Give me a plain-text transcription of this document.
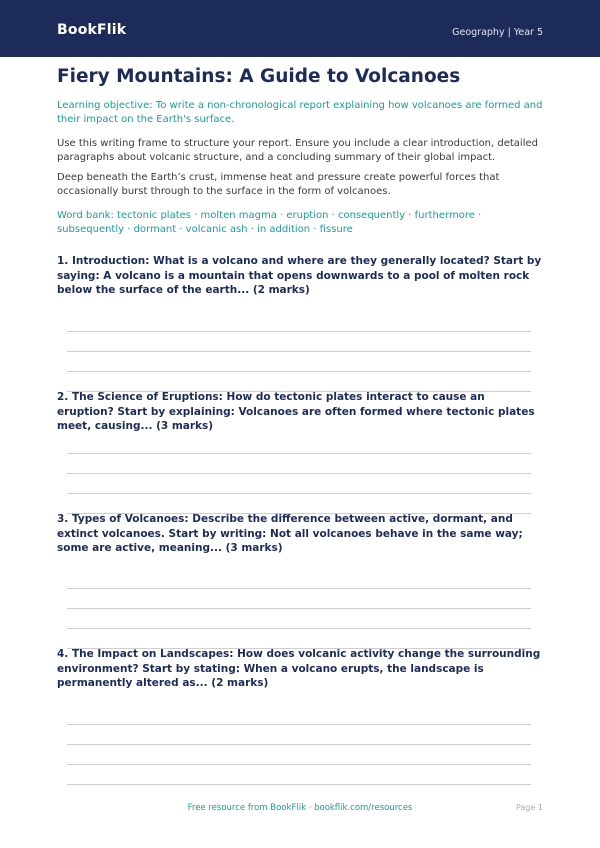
BookFlik	Geography | Year 5
Fiery Mountains: A Guide to Volcanoes
Learning objective: To write a non-chronological report explaining how volcanoes are formed and their impact on the Earth's surface.
Use this writing frame to structure your report. Ensure you include a clear introduction, detailed paragraphs about volcanic structure, and a concluding summary of their global impact.
Deep beneath the Earth’s crust, immense heat and pressure create powerful forces that occasionally burst through to the surface in the form of volcanoes.
Word bank: tectonic plates · molten magma · eruption · consequently · furthermore · subsequently · dormant · volcanic ash · in addition · fissure
1. Introduction: What is a volcano and where are they generally located? Start by saying: A volcano is a mountain that opens downwards to a pool of molten rock below the surface of the earth... (2 marks)
2. The Science of Eruptions: How do tectonic plates interact to cause an eruption? Start by explaining: Volcanoes are often formed where tectonic plates meet, causing... (3 marks)
3. Types of Volcanoes: Describe the difference between active, dormant, and extinct volcanoes. Start by writing: Not all volcanoes behave in the same way; some are active, meaning... (3 marks)
4. The Impact on Landscapes: How does volcanic activity change the surrounding environment? Start by stating: When a volcano erupts, the landscape is permanently altered as... (2 marks)
Free resource from BookFlik · bookflik.com/resources	Page 1
